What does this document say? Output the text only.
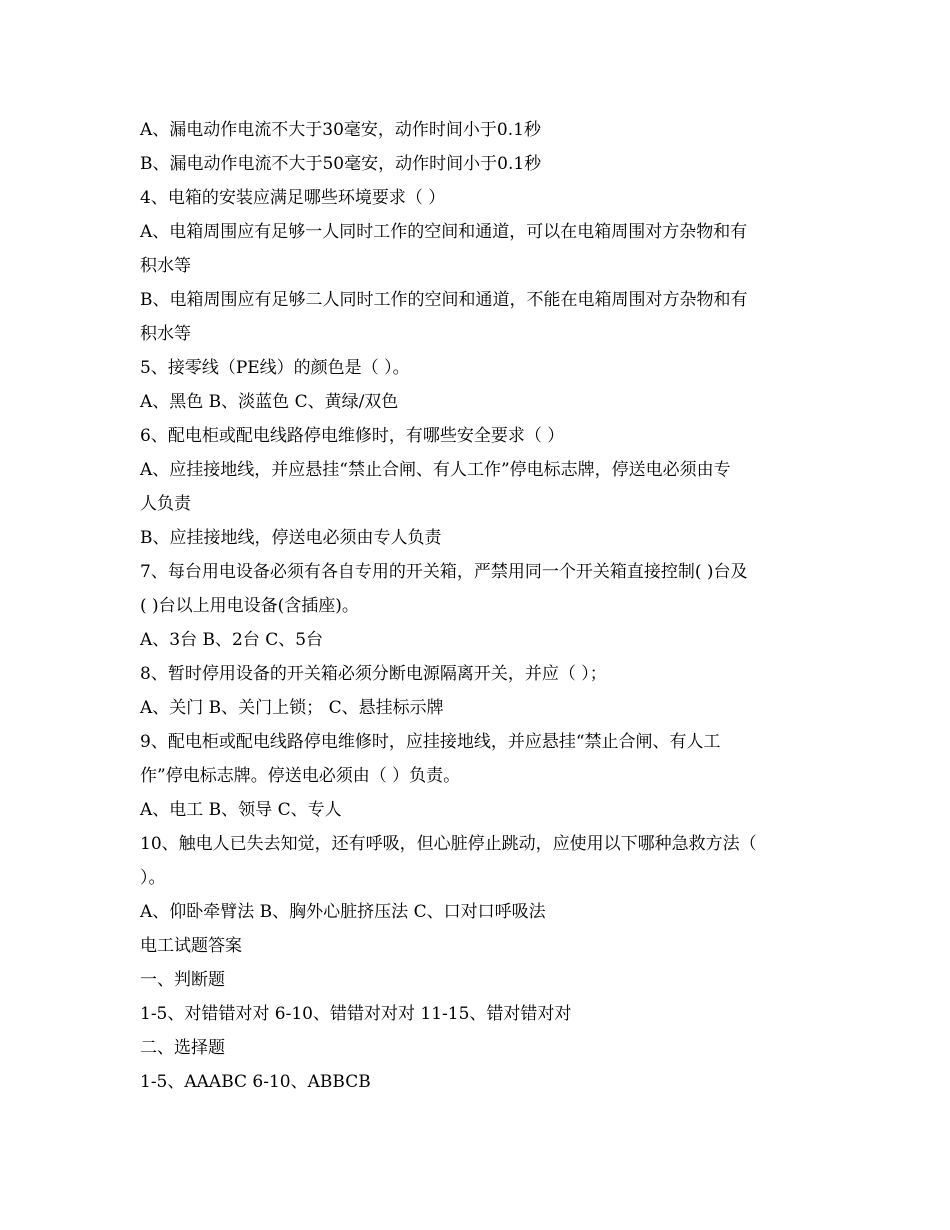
A、漏电动作电流不大于30毫安，动作时间小于0.1秒
B、漏电动作电流不大于50毫安，动作时间小于0.1秒
4、电箱的安装应满足哪些环境要求（ ）
A、电箱周围应有足够一人同时工作的空间和通道，可以在电箱周围对方杂物和有
积水等
B、电箱周围应有足够二人同时工作的空间和通道，不能在电箱周围对方杂物和有
积水等
5、接零线（PE线）的颜色是（ ）。
A、黑色 B、淡蓝色 C、黄绿/双色
6、配电柜或配电线路停电维修时，有哪些安全要求（ ）
A、应挂接地线，并应悬挂“禁止合闸、有人工作”停电标志牌，停送电必须由专
人负责
B、应挂接地线，停送电必须由专人负责
7、每台用电设备必须有各自专用的开关箱，严禁用同一个开关箱直接控制( )台及
( )台以上用电设备(含插座)。
A、3台 B、2台 C、5台
8、暂时停用设备的开关箱必须分断电源隔离开关，并应（ ）；
A、关门 B、关门上锁； C、悬挂标示牌
9、配电柜或配电线路停电维修时，应挂接地线，并应悬挂“禁止合闸、有人工
作”停电标志牌。停送电必须由（ ）负责。
A、电工 B、领导 C、专人
10、触电人已失去知觉，还有呼吸，但心脏停止跳动，应使用以下哪种急救方法（
）。
A、仰卧牵臂法 B、胸外心脏挤压法 C、口对口呼吸法
电工试题答案
一、判断题
1-5、对错错对对 6-10、错错对对对 11-15、错对错对对
二、选择题
1-5、AAABC 6-10、ABBCB
